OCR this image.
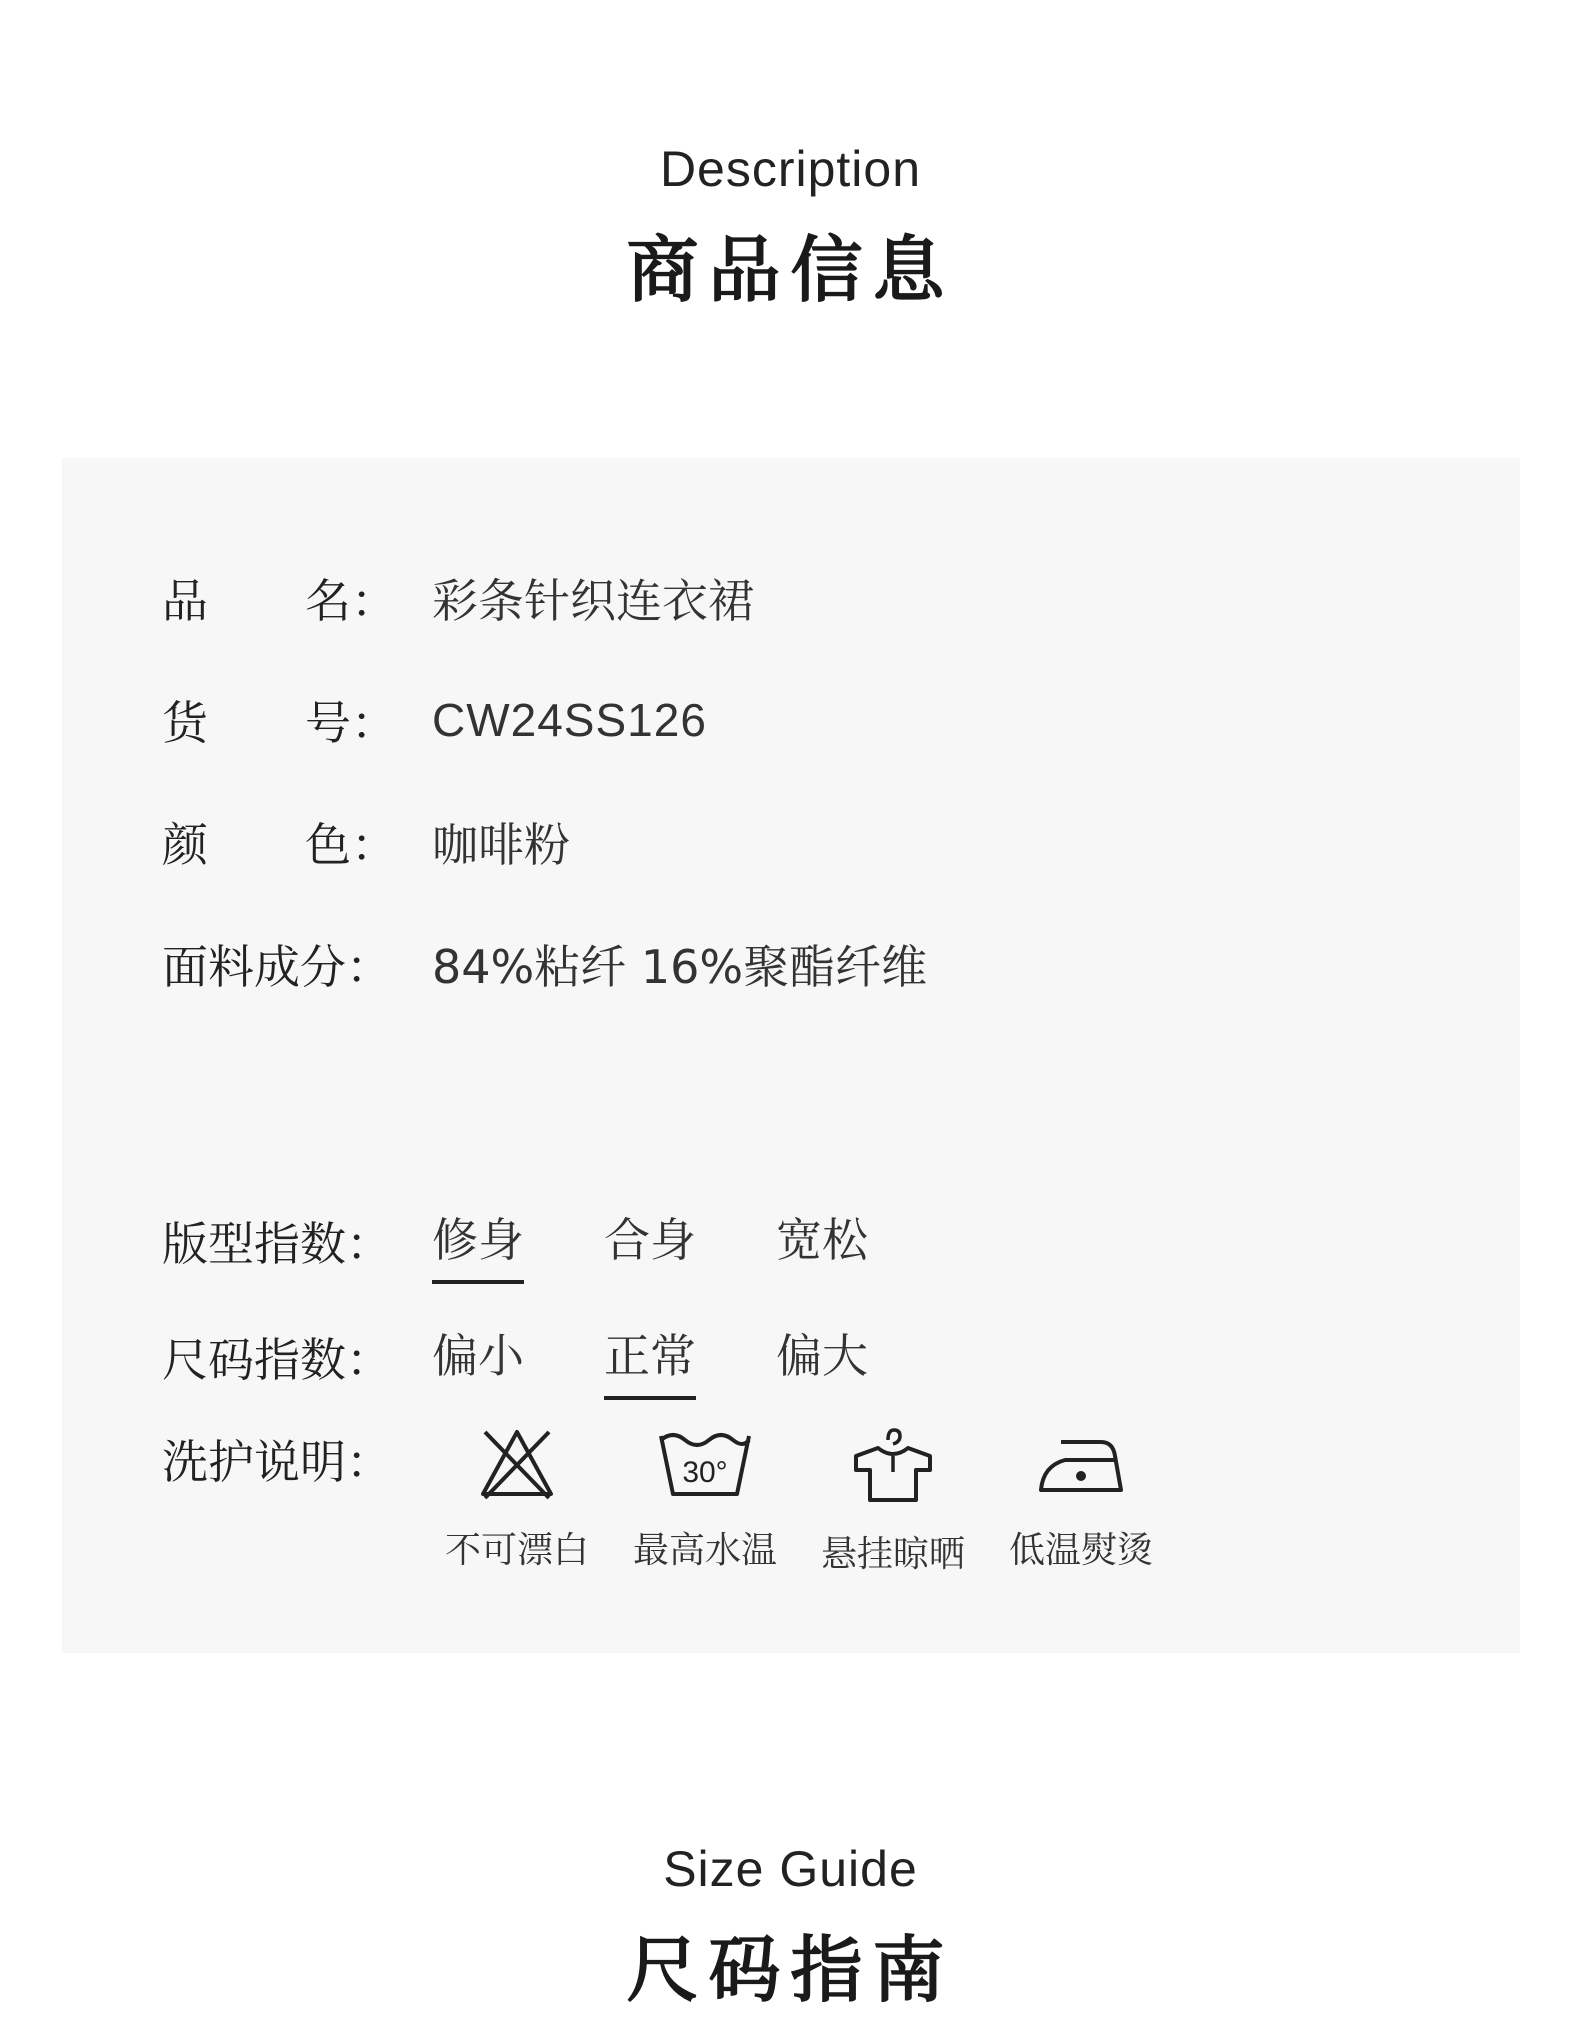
Description
商品信息
品 名： 彩条针织连衣裙
货 号： CW24SS126
颜 色： 咖啡粉
面料成分： 84%粘纤 16%聚酯纤维
版型指数： 修身 合身 宽松
尺码指数： 偏小 正常 偏大
洗护说明：
不可漂白
30°
最高水温	悬挂晾晒	低温熨烫
Size Guide
尺码指南
